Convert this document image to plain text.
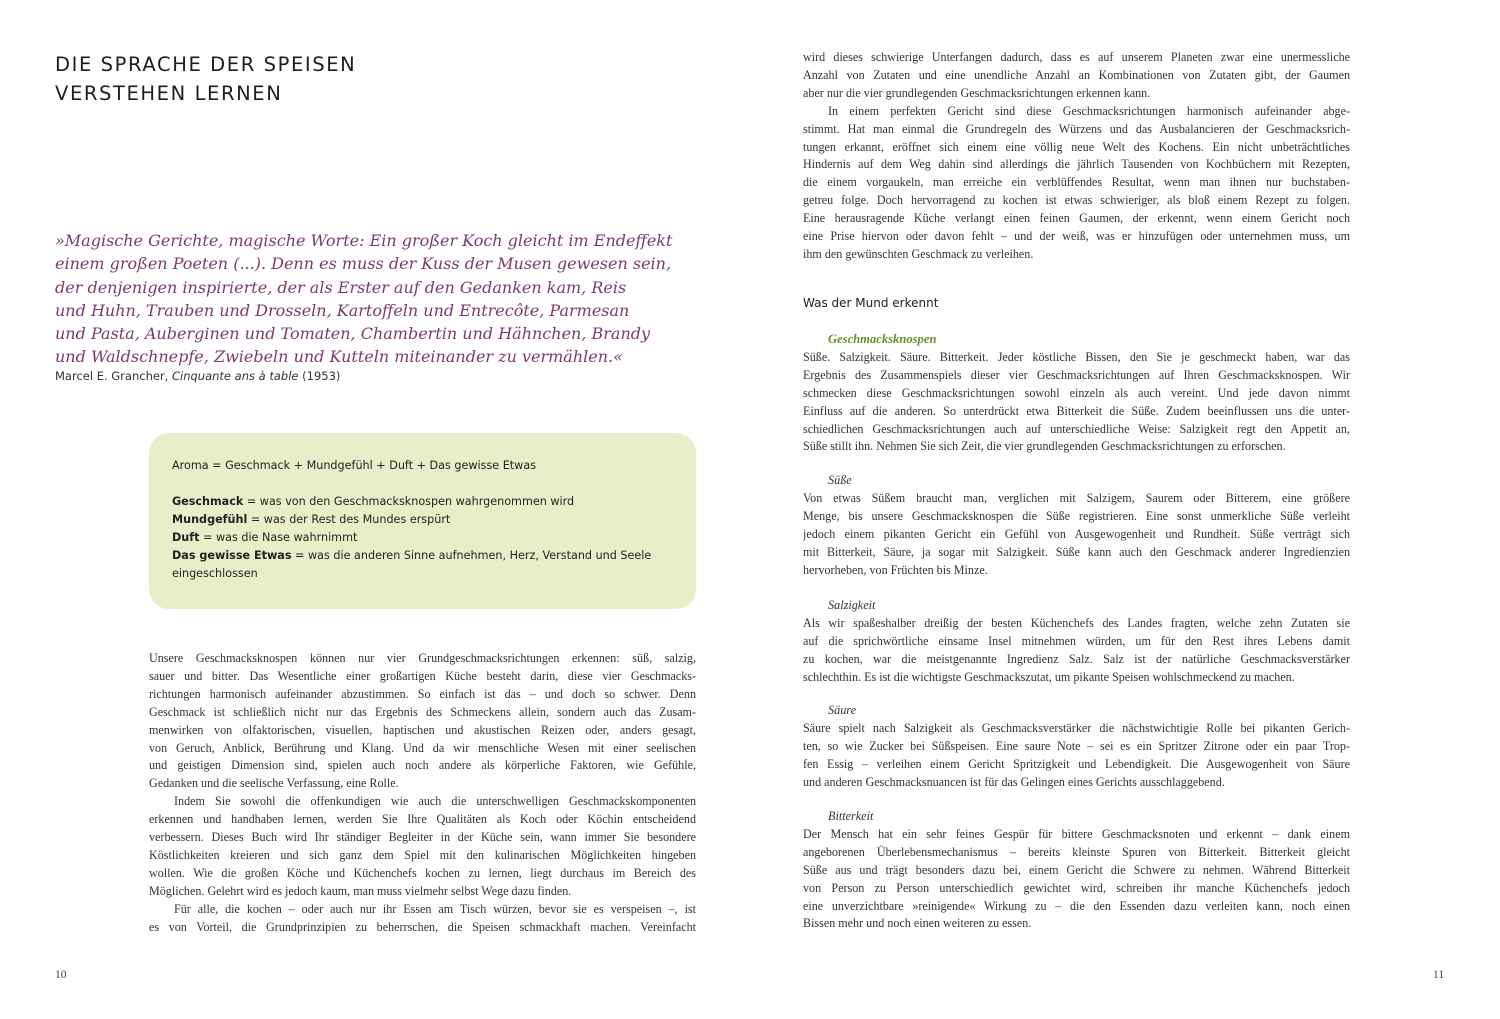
DIE SPRACHE DER SPEISEN
VERSTEHEN LERNEN

»Magische Gerichte, magische Worte: Ein großer Koch gleicht im Endeffekt
einem großen Poeten (...). Denn es muss der Kuss der Musen gewesen sein,
der denjenigen inspirierte, der als Erster auf den Gedanken kam, Reis
und Huhn, Trauben und Drosseln, Kartoffeln und Entrecôte, Parmesan
und Pasta, Auberginen und Tomaten, Chambertin und Hähnchen, Brandy
und Waldschnepfe, Zwiebeln und Kutteln miteinander zu vermählen.«

Marcel E. Grancher, Cinquante ans à table (1953)

Aroma = Geschmack + Mundgefühl + Duft + Das gewisse Etwas

Geschmack = was von den Geschmacksknospen wahrgenommen wird

Mundgefühl = was der Rest des Mundes erspürt

Duft = was die Nase wahrnimmt

Das gewisse Etwas = was die anderen Sinne aufnehmen, Herz, Verstand und Seele

eingeschlossen

Unsere Geschmacksknospen können nur vier Grundgeschmacksrichtungen erkennen: süß, salzig,
sauer und bitter. Das Wesentliche einer großartigen Küche besteht darin, diese vier Geschmacks-
richtungen harmonisch aufeinander abzustimmen. So einfach ist das – und doch so schwer. Denn
Geschmack ist schließlich nicht nur das Ergebnis des Schmeckens allein, sondern auch das Zusam-
menwirken von olfaktorischen, visuellen, haptischen und akustischen Reizen oder, anders gesagt,
von Geruch, Anblick, Berührung und Klang. Und da wir menschliche Wesen mit einer seelischen
und geistigen Dimension sind, spielen auch noch andere als körperliche Faktoren, wie Gefühle,
Gedanken und die seelische Verfassung, eine Rolle.
Indem Sie sowohl die offenkundigen wie auch die unterschwelligen Geschmackskomponenten
erkennen und handhaben lernen, werden Sie Ihre Qualitäten als Koch oder Köchin entscheidend
verbessern. Dieses Buch wird Ihr ständiger Begleiter in der Küche sein, wann immer Sie besondere
Köstlichkeiten kreieren und sich ganz dem Spiel mit den kulinarischen Möglichkeiten hingeben
wollen. Wie die großen Köche und Küchenchefs kochen zu lernen, liegt durchaus im Bereich des
Möglichen. Gelehrt wird es jedoch kaum, man muss vielmehr selbst Wege dazu finden.
Für alle, die kochen – oder auch nur ihr Essen am Tisch würzen, bevor sie es verspeisen –, ist
es von Vorteil, die Grundprinzipien zu beherrschen, die Speisen schmackhaft machen. Vereinfacht

10

wird dieses schwierige Unterfangen dadurch, dass es auf unserem Planeten zwar eine unermessliche
Anzahl von Zutaten und eine unendliche Anzahl an Kombinationen von Zutaten gibt, der Gaumen
aber nur die vier grundlegenden Geschmacksrichtungen erkennen kann.
In einem perfekten Gericht sind diese Geschmacksrichtungen harmonisch aufeinander abge-
stimmt. Hat man einmal die Grundregeln des Würzens und das Ausbalancieren der Geschmacksrich-
tungen erkannt, eröffnet sich einem eine völlig neue Welt des Kochens. Ein nicht unbeträchtliches
Hindernis auf dem Weg dahin sind allerdings die jährlich Tausenden von Kochbüchern mit Rezepten,
die einem vorgaukeln, man erreiche ein verblüffendes Resultat, wenn man ihnen nur buchstaben-
getreu folge. Doch hervorragend zu kochen ist etwas schwieriger, als bloß einem Rezept zu folgen.
Eine herausragende Küche verlangt einen feinen Gaumen, der erkennt, wenn einem Gericht noch
eine Prise hiervon oder davon fehlt – und der weiß, was er hinzufügen oder unternehmen muss, um
ihm den gewünschten Geschmack zu verleihen.
Was der Mund erkennt

Geschmacksknospen

Süße. Salzigkeit. Säure. Bitterkeit. Jeder köstliche Bissen, den Sie je geschmeckt haben, war das
Ergebnis des Zusammenspiels dieser vier Geschmacksrichtungen auf Ihren Geschmacksknospen. Wir
schmecken diese Geschmacksrichtungen sowohl einzeln als auch vereint. Und jede davon nimmt
Einfluss auf die anderen. So unterdrückt etwa Bitterkeit die Süße. Zudem beeinflussen uns die unter-
schiedlichen Geschmacksrichtungen auch auf unterschiedliche Weise: Salzigkeit regt den Appetit an,
Süße stillt ihn. Nehmen Sie sich Zeit, die vier grundlegenden Geschmacksrichtungen zu erforschen.

Süße

Von etwas Süßem braucht man, verglichen mit Salzigem, Saurem oder Bitterem, eine größere
Menge, bis unsere Geschmacksknospen die Süße registrieren. Eine sonst unmerkliche Süße verleiht
jedoch einem pikanten Gericht ein Gefühl von Ausgewogenheit und Rundheit. Süße verträgt sich
mit Bitterkeit, Säure, ja sogar mit Salzigkeit. Süße kann auch den Geschmack anderer Ingredienzien
hervorheben, von Früchten bis Minze.

Salzigkeit

Als wir spaßeshalber dreißig der besten Küchenchefs des Landes fragten, welche zehn Zutaten sie
auf die sprichwörtliche einsame Insel mitnehmen würden, um für den Rest ihres Lebens damit
zu kochen, war die meistgenannte Ingredienz Salz. Salz ist der natürliche Geschmacksverstärker
schlechthin. Es ist die wichtigste Geschmackszutat, um pikante Speisen wohlschmeckend zu machen.

Säure

Säure spielt nach Salzigkeit als Geschmacksverstärker die nächstwichtigie Rolle bei pikanten Gerich-
ten, so wie Zucker bei Süßspeisen. Eine saure Note – sei es ein Spritzer Zitrone oder ein paar Trop-
fen Essig – verleihen einem Gericht Spritzigkeit und Lebendigkeit. Die Ausgewogenheit von Säure
und anderen Geschmacksnuancen ist für das Gelingen eines Gerichts ausschlaggebend.

Bitterkeit

Der Mensch hat ein sehr feines Gespür für bittere Geschmacksnoten und erkennt – dank einem
angeborenen Überlebensmechanismus – bereits kleinste Spuren von Bitterkeit. Bitterkeit gleicht
Süße aus und trägt besonders dazu bei, einem Gericht die Schwere zu nehmen. Während Bitterkeit
von Person zu Person unterschiedlich gewichtet wird, schreiben ihr manche Küchenchefs jedoch
eine unverzichtbare »reinigende« Wirkung zu – die den Essenden dazu verleiten kann, noch einen
Bissen mehr und noch einen weiteren zu essen.

11
